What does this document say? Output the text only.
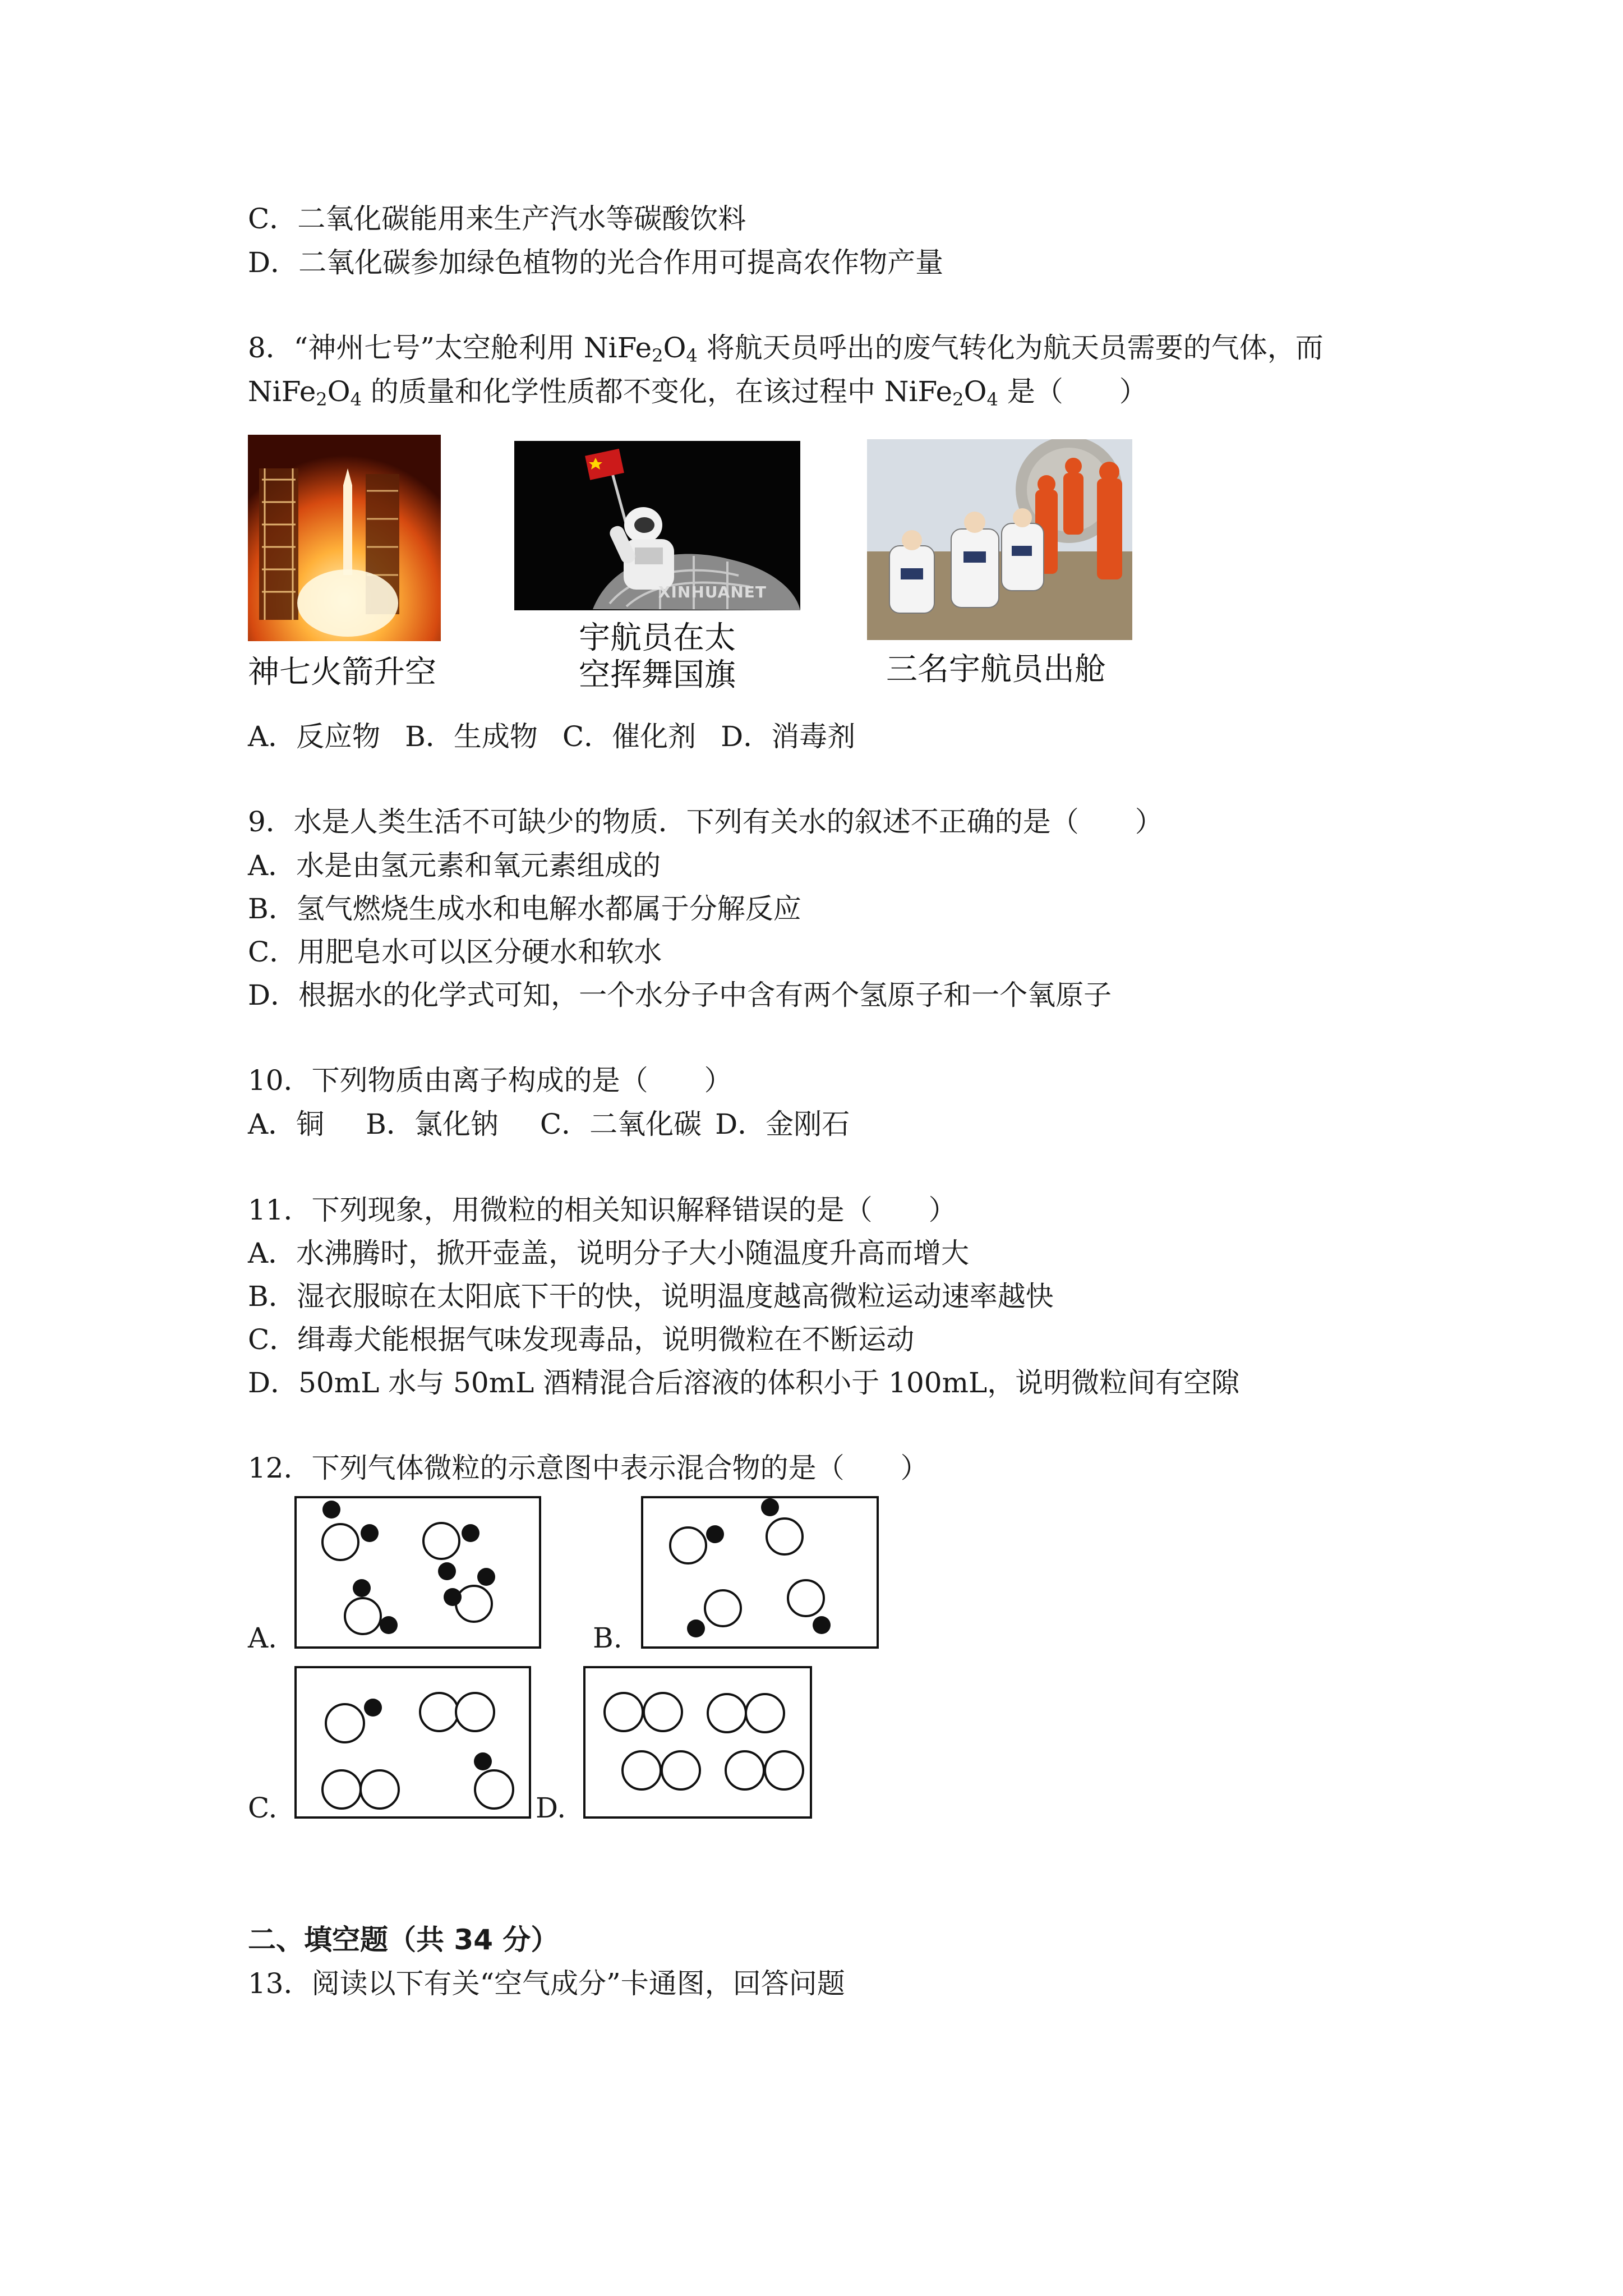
C．二氧化碳能用来生产汽水等碳酸饮料
D．二氧化碳参加绿色植物的光合作用可提高农作物产量
8．“神州七号”太空舱利用 $NiFe_2O_4$ 将航天员呼出的废气转化为航天员需要的气体，而
$NiFe_2O_4$ 的质量和化学性质都不变化，在该过程中 $NiFe_2O_4$ 是（　　）
神七火箭升空
XINHUANET
宇航员在太
空挥舞国旗	三名宇航员出舱
A．反应物 B．生成物 C．催化剂 D．消毒剂
9．水是人类生活不可缺少的物质．下列有关水的叙述不正确的是（　　）
A．水是由氢元素和氧元素组成的
B．氢气燃烧生成水和电解水都属于分解反应
C．用肥皂水可以区分硬水和软水
D．根据水的化学式可知，一个水分子中含有两个氢原子和一个氧原子
10．下列物质由离子构成的是（　　）
A．铜 B．氯化钠 C．二氧化碳 D．金刚石
11．下列现象，用微粒的相关知识解释错误的是（　　）
A．水沸腾时，掀开壶盖，说明分子大小随温度升高而增大
B．湿衣服晾在太阳底下干的快，说明温度越高微粒运动速率越快
C．缉毒犬能根据气味发现毒品，说明微粒在不断运动
D．50mL 水与 50mL 酒精混合后溶液的体积小于 100mL，说明微粒间有空隙
12．下列气体微粒的示意图中表示混合物的是（　　）
A.	B.
C.	D.
二、填空题（共 34 分）
13．阅读以下有关“空气成分”卡通图，回答问题
